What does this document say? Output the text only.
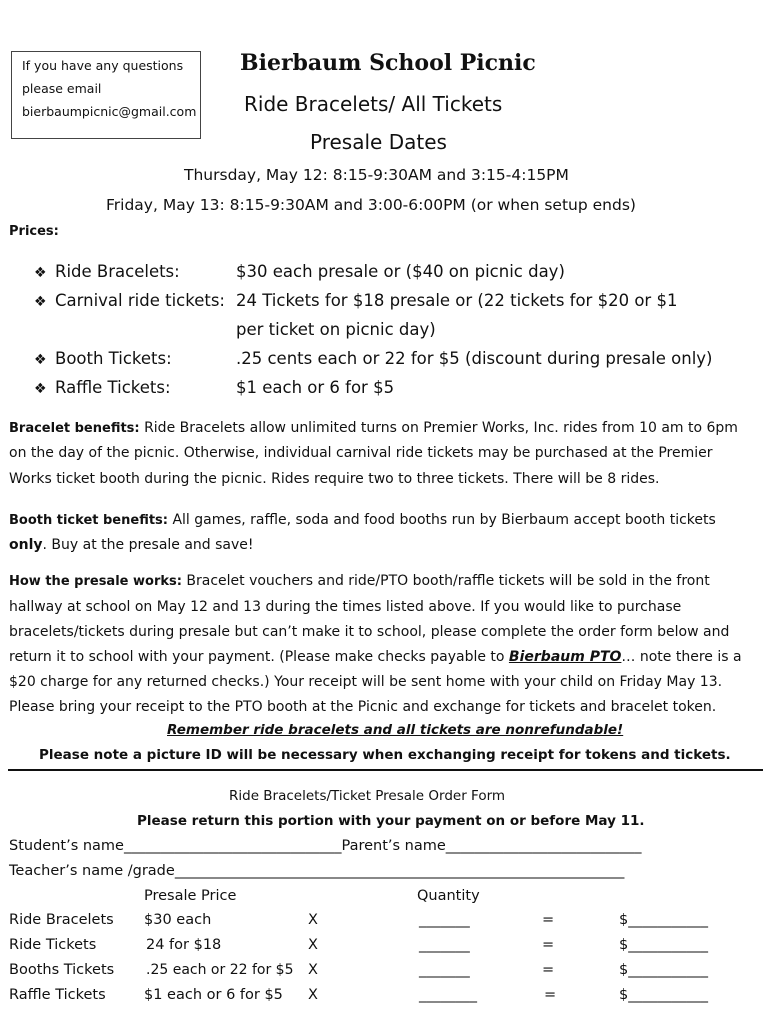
If you have any questions
please email
bierbaumpicnic@gmail.com
Bierbaum School Picnic
Ride Bracelets/ All Tickets
Presale Dates
Thursday, May 12: 8:15-9:30AM and 3:15-4:15PM
Friday, May 13: 8:15-9:30AM and 3:00-6:00PM (or when setup ends)
Prices:
❖ Ride Bracelets:	$30 each presale or ($40 on picnic day)
❖ Carnival ride tickets: 24 Tickets for $18 presale or (22 tickets for $20 or $1
per ticket on picnic day)
❖ Booth Tickets:	.25 cents each or 22 for $5 (discount during presale only)
❖ Raffle Tickets:	$1 each or 6 for $5
Bracelet benefits: Ride Bracelets allow unlimited turns on Premier Works, Inc. rides from 10 am to 6pm
on the day of the picnic. Otherwise, individual carnival ride tickets may be purchased at the Premier
Works ticket booth during the picnic. Rides require two to three tickets. There will be 8 rides.
Booth ticket benefits: All games, raffle, soda and food booths run by Bierbaum accept booth tickets
only. Buy at the presale and save!
How the presale works: Bracelet vouchers and ride/PTO booth/raffle tickets will be sold in the front
hallway at school on May 12 and 13 during the times listed above. If you would like to purchase
bracelets/tickets during presale but can’t make it to school, please complete the order form below and
return it to school with your payment. (Please make checks payable to Bierbaum PTO… note there is a
$20 charge for any returned checks.) Your receipt will be sent home with your child on Friday May 13.
Please bring your receipt to the PTO booth at the Picnic and exchange for tickets and bracelet token.
Remember ride bracelets and all tickets are nonrefundable!
Please note a picture ID will be necessary when exchanging receipt for tokens and tickets.
Ride Bracelets/Ticket Presale Order Form
Please return this portion with your payment on or before May 11.
Student’s name______________________________Parent’s name___________________________
Teacher’s name /grade______________________________________________________________
Presale Price	Quantity
Ride Bracelets $30 each	X	_______	=	$___________
Ride Tickets	24 for $18	X	_______	=	$___________
Booths Tickets .25 each or 22 for $5 X	_______	=	$___________
Raffle Tickets	$1 each or 6 for $5 X	________	=	$___________
